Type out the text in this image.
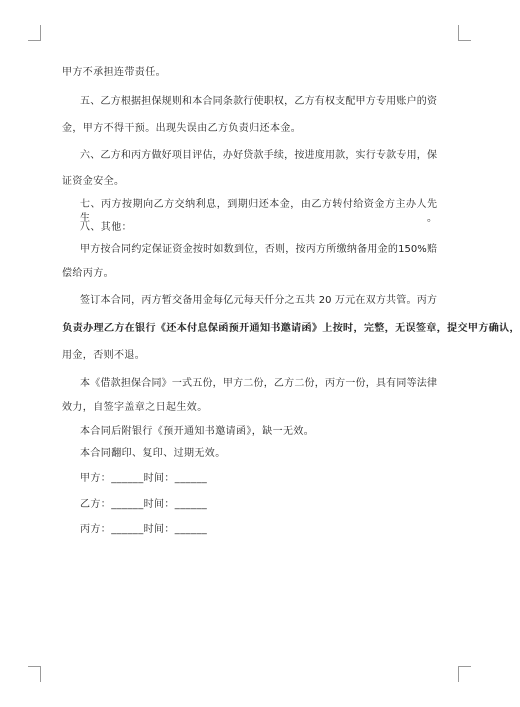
甲方不承担连带责任。
五、乙方根据担保规则和本合同条款行使职权，乙方有权支配甲方专用账户的资
金，甲方不得干预。出现失误由乙方负责归还本金。
六、乙方和丙方做好项目评估，办好贷款手续，按进度用款，实行专款专用，保
证资金安全。
七、丙方按期向乙方交纳利息，到期归还本金，由乙方转付给资金方主办人先生。
八、其他：
甲方按合同约定保证资金按时如数到位，否则，按丙方所缴纳备用金的150%赔
偿给丙方。
签订本合同，丙方暂交备用金每亿元每天仟分之五共 20 万元在双方共管。丙方
负责办理乙方在银行《还本付息保函预开通知书邀请函》上按时，完整，无误签章，提交甲方确认，
用金，否则不退。
本《借款担保合同》一式五份，甲方二份，乙方二份，丙方一份，具有同等法律
效力，自签字盖章之日起生效。
本合同后附银行《预开通知书邀请函》，缺一无效。
本合同翻印、复印、过期无效。
甲方：______时间：______
乙方：______时间：______
丙方：______时间：______
